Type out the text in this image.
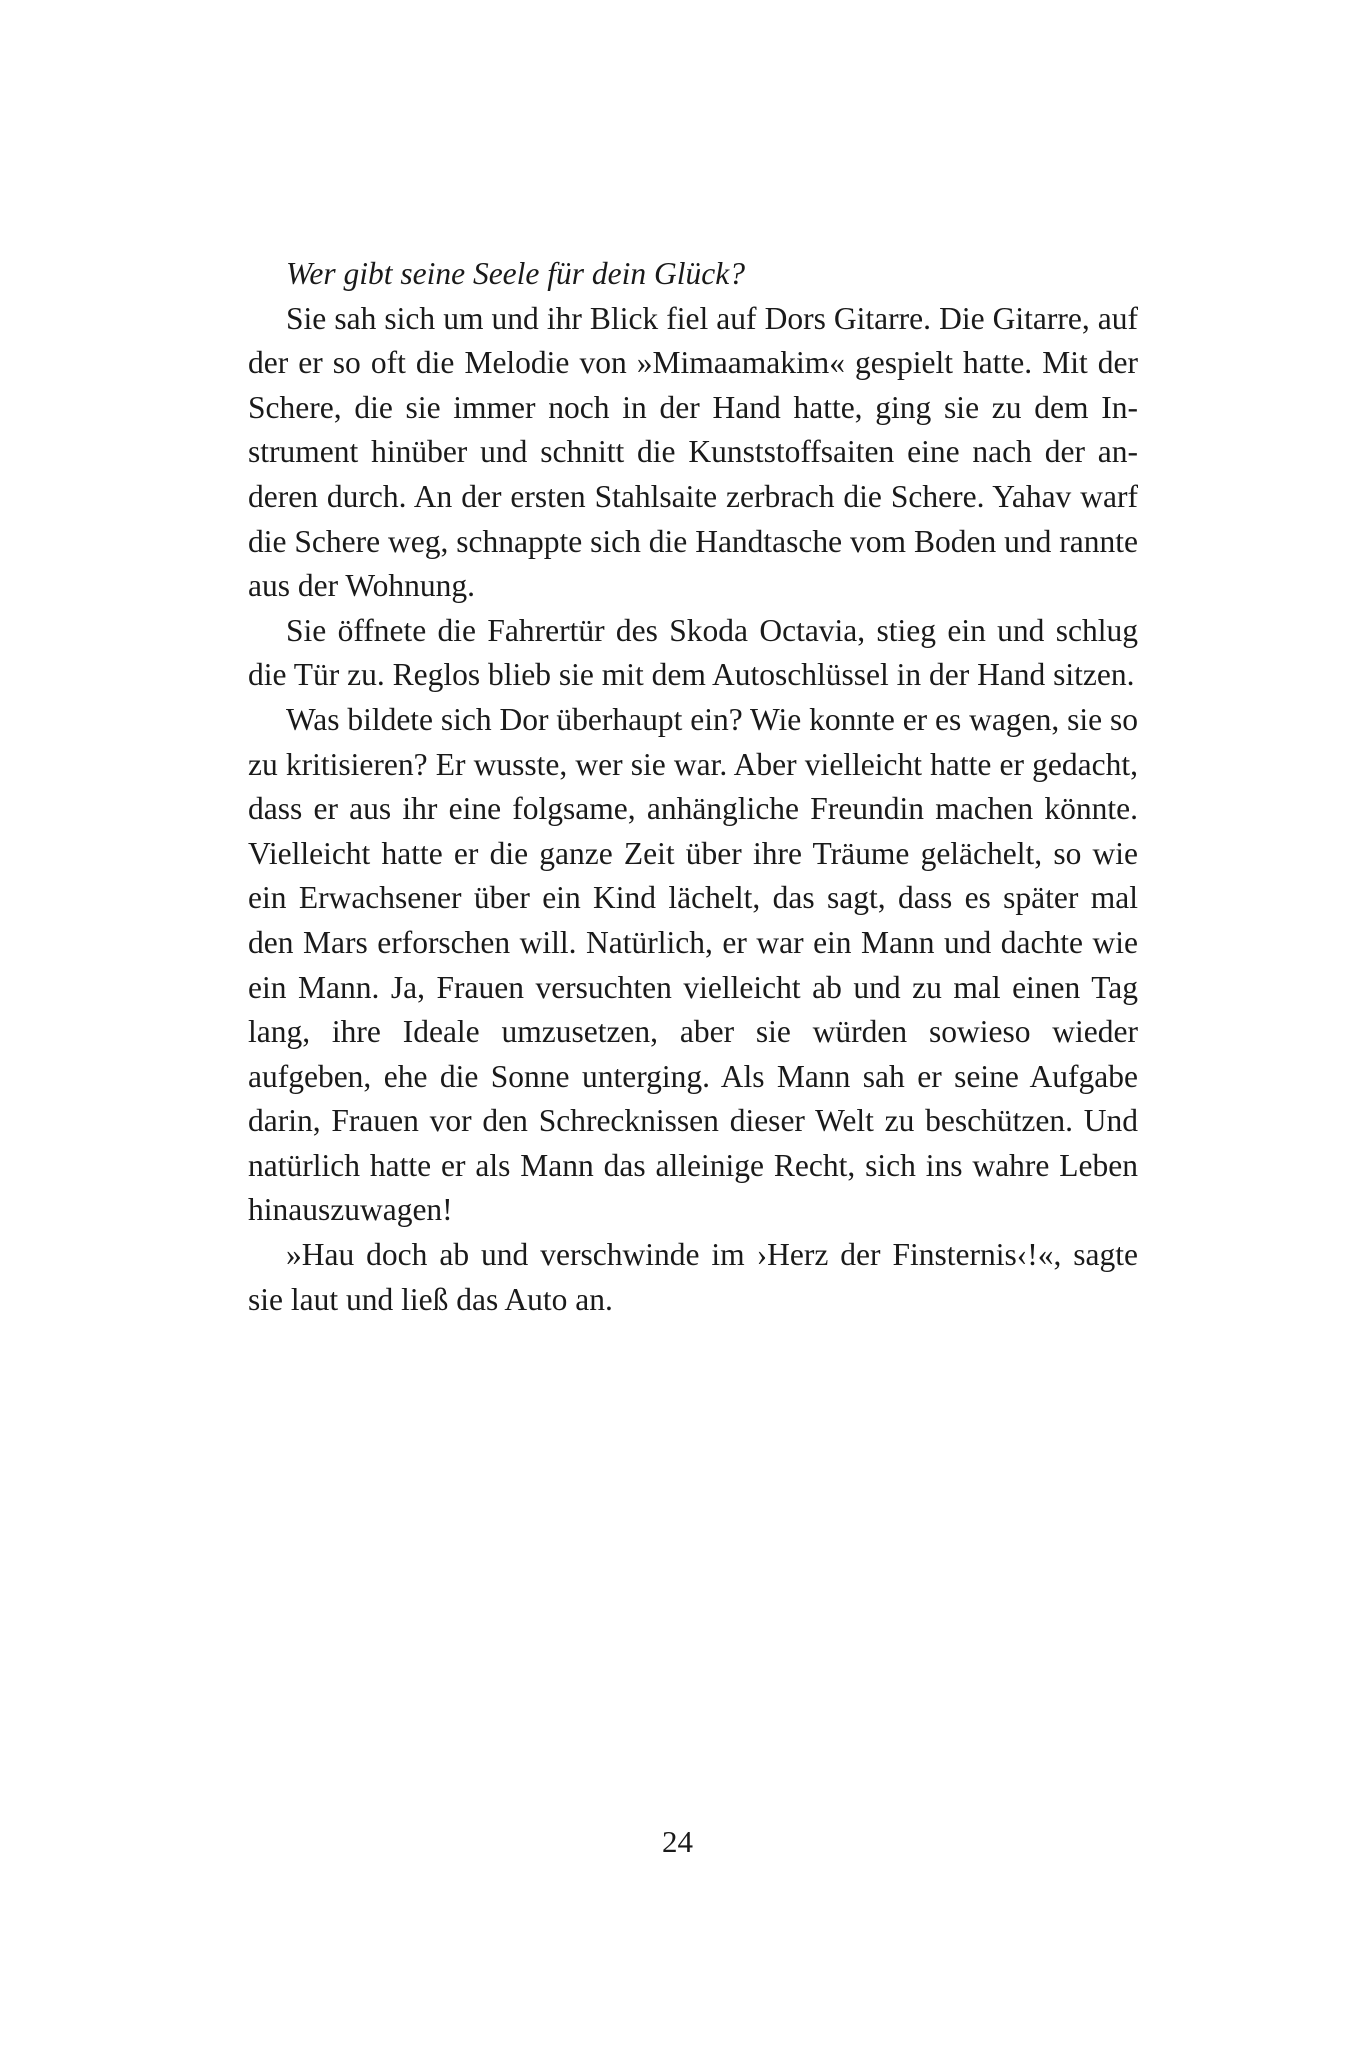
Wer gibt seine Seele für dein Glück?

Sie sah sich um und ihr Blick fiel auf Dors Gitarre. Die Gitarre, auf der er so oft die Melodie von »Mimaamakim« gespielt hatte. Mit der Schere, die sie immer noch in der Hand hatte, ging sie zu dem Instrument hinüber und schnitt die Kunststoffsaiten eine nach der anderen durch. An der ersten Stahlsaite zerbrach die Schere. Yahav warf die Schere weg, schnappte sich die Handtasche vom Boden und rannte aus der Wohnung.

Sie öffnete die Fahrertür des Skoda Octavia, stieg ein und schlug die Tür zu. Reglos blieb sie mit dem Autoschlüssel in der Hand sitzen.

Was bildete sich Dor überhaupt ein? Wie konnte er es wagen, sie so zu kritisieren? Er wusste, wer sie war. Aber vielleicht hatte er gedacht, dass er aus ihr eine folgsame, anhängliche Freundin machen könnte. Vielleicht hatte er die ganze Zeit über ihre Träume gelächelt, so wie ein Erwachsener über ein Kind lächelt, das sagt, dass es später mal den Mars erforschen will. Natürlich, er war ein Mann und dachte wie ein Mann. Ja, Frauen versuchten vielleicht ab und zu mal einen Tag lang, ihre Ideale umzusetzen, aber sie würden sowieso wieder aufgeben, ehe die Sonne unterging. Als Mann sah er seine Aufgabe darin, Frauen vor den Schrecknissen dieser Welt zu beschützen. Und natürlich hatte er als Mann das alleinige Recht, sich ins wahre Leben hinauszuwagen!

»Hau doch ab und verschwinde im ›Herz der Finsternis‹!«, sagte sie laut und ließ das Auto an.

24
